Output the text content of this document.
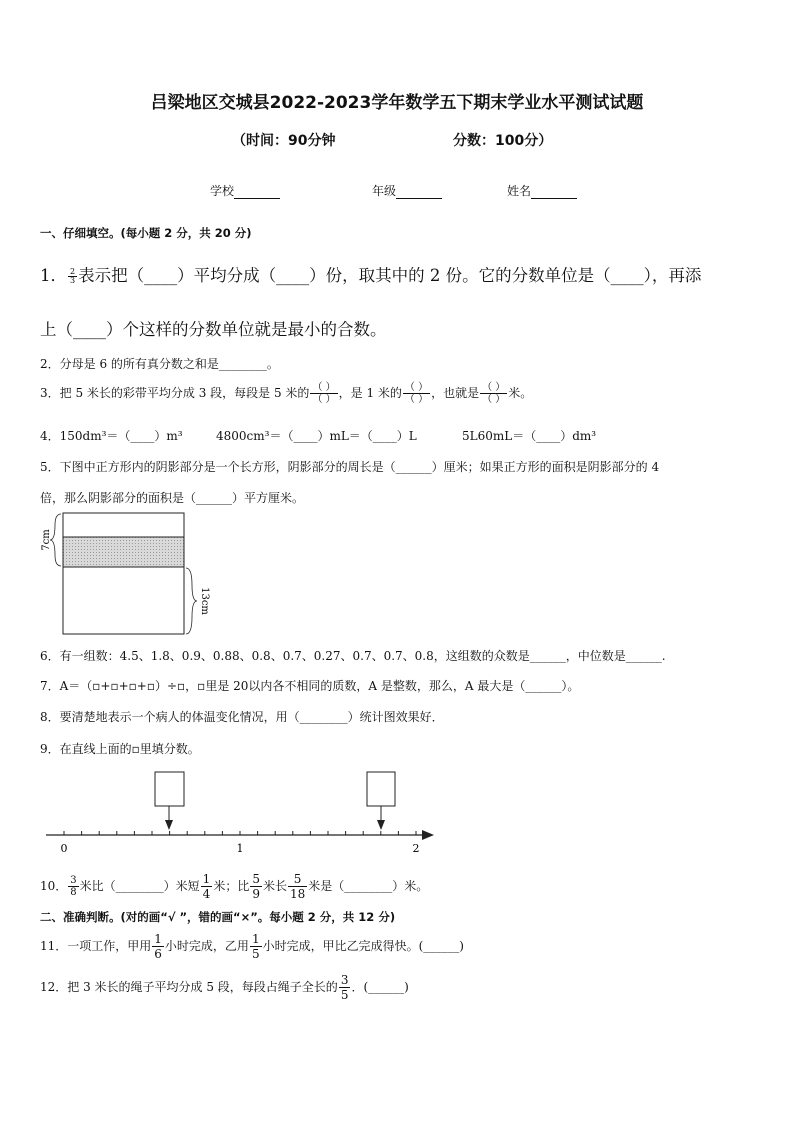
吕梁地区交城县2022-2023学年数学五下期末学业水平测试试题
（时间：90分钟	分数：100分）
学校	年级	姓名
一、仔细填空。(每小题 2 分，共 20 分)
1． $\frac{2}{3}$ 表示把（____）平均分成（____）份，取其中的 2 份。它的分数单位是（____），再添
上（____）个这样的分数单位就是最小的合数。
2．分母是 6 的所有真分数之和是________。
3．把 5 米长的彩带平均分成 3 段，每段是 5 米的 $\frac{( )}{( )}$ ，是 1 米的 $\frac{( )}{( )}$ ，也就是 $\frac{( )}{( )}$ 米。
4．150dm³＝（____）m³	4800cm³＝（____）mL＝（____）L	5L60mL＝（____）dm³
5．下图中正方形内的阴影部分是一个长方形，阴影部分的周长是（______）厘米；如果正方形的面积是阴影部分的 4
倍，那么阴影部分的面积是（______）平方厘米。
7cm
13cm
6．有一组数：4.5、1.8、0.9、0.88、0.8、0.7、0.27、0.7、0.7、0.8，这组数的众数是______，中位数是______.
7．A＝（▫+▫+▫+▫）÷▫，▫里是 20以内各不相同的质数，A 是整数，那么，A 最大是（______）。
8．要清楚地表示一个病人的体温变化情况，用（________）统计图效果好．
9．在直线上面的▫里填分数。
0	1	2
10． $\frac{3}{8}$ 米比（________）米短 $\frac{1}{4}$ 米；比 $\frac{5}{9}$ 米长 $\frac{5}{18}$ 米是（________）米。
二、准确判断。(对的画“√ ”，错的画“×”。每小题 2 分，共 12 分)
11．一项工作，甲用 $\frac{1}{6}$ 小时完成，乙用 $\frac{1}{5}$ 小时完成，甲比乙完成得快。(______)
12．把 3 米长的绳子平均分成 5 段，每段占绳子全长的 $\frac{3}{5}$ ．(______)
